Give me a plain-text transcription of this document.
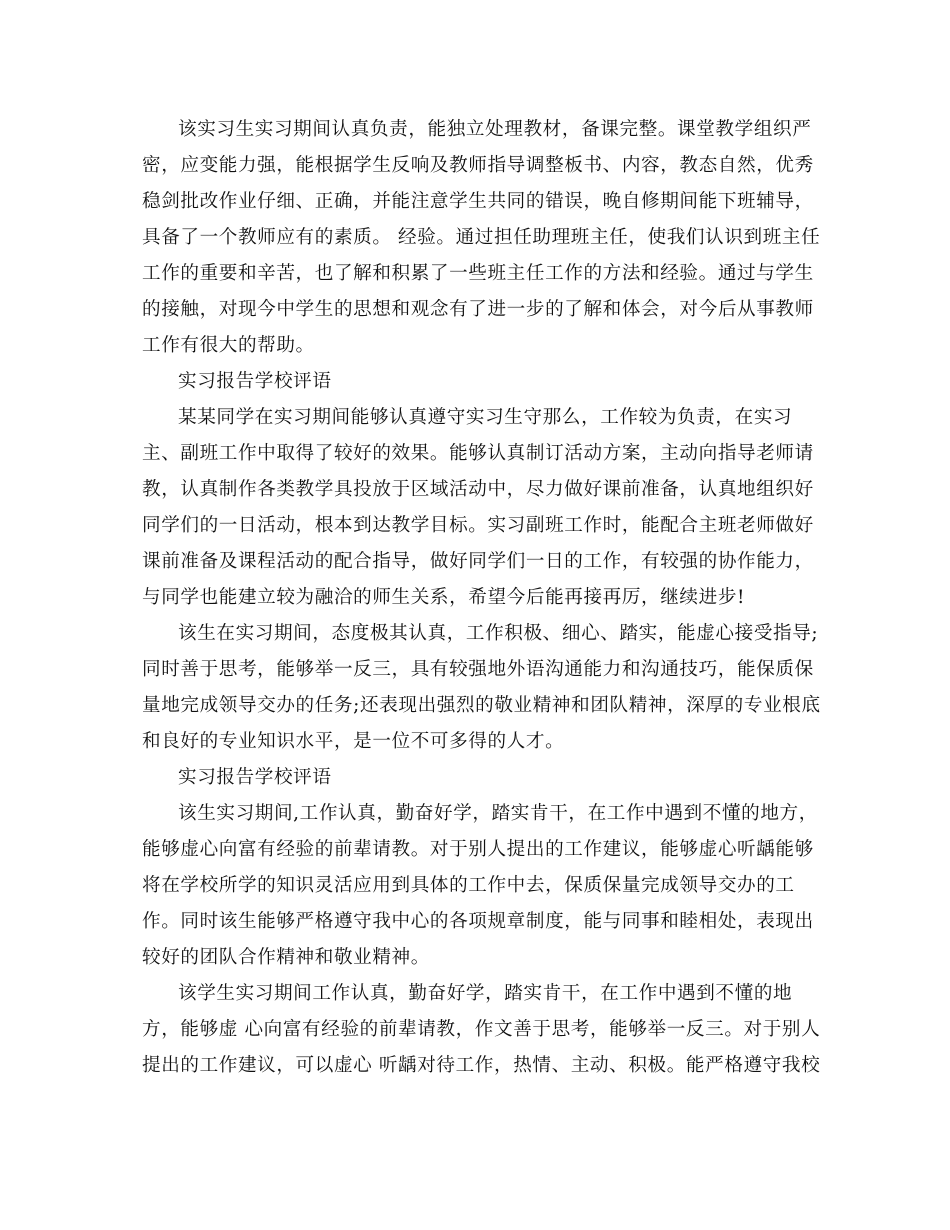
该实习生实习期间认真负责，能独立处理教材，备课完整。课堂教学组织严
密，应变能力强，能根据学生反响及教师指导调整板书、内容，教态自然，优秀
稳剑批改作业仔细、正确，并能注意学生共同的错误，晚自修期间能下班辅导，
具备了一个教师应有的素质。 经验。通过担任助理班主任，使我们认识到班主任
工作的重要和辛苦，也了解和积累了一些班主任工作的方法和经验。通过与学生
的接触，对现今中学生的思想和观念有了进一步的了解和体会，对今后从事教师
工作有很大的帮助。
实习报告学校评语
某某同学在实习期间能够认真遵守实习生守那么，工作较为负责，在实习
主、副班工作中取得了较好的效果。能够认真制订活动方案，主动向指导老师请
教，认真制作各类教学具投放于区域活动中，尽力做好课前准备，认真地组织好
同学们的一日活动，根本到达教学目标。实习副班工作时，能配合主班老师做好
课前准备及课程活动的配合指导，做好同学们一日的工作，有较强的协作能力，
与同学也能建立较为融洽的师生关系，希望今后能再接再厉，继续进步!
该生在实习期间，态度极其认真，工作积极、细心、踏实，能虚心接受指导;
同时善于思考，能够举一反三，具有较强地外语沟通能力和沟通技巧，能保质保
量地完成领导交办的任务;还表现出强烈的敬业精神和团队精神，深厚的专业根底
和良好的专业知识水平，是一位不可多得的人才。
实习报告学校评语
该生实习期间,工作认真，勤奋好学，踏实肯干，在工作中遇到不懂的地方，
能够虚心向富有经验的前辈请教。对于别人提出的工作建议，能够虚心听龋能够
将在学校所学的知识灵活应用到具体的工作中去，保质保量完成领导交办的工
作。同时该生能够严格遵守我中心的各项规章制度，能与同事和睦相处，表现出
较好的团队合作精神和敬业精神。
该学生实习期间工作认真，勤奋好学，踏实肯干，在工作中遇到不懂的地
方，能够虚 心向富有经验的前辈请教，作文善于思考，能够举一反三。对于别人
提出的工作建议，可以虚心 听龋对待工作，热情、主动、积极。能严格遵守我校
